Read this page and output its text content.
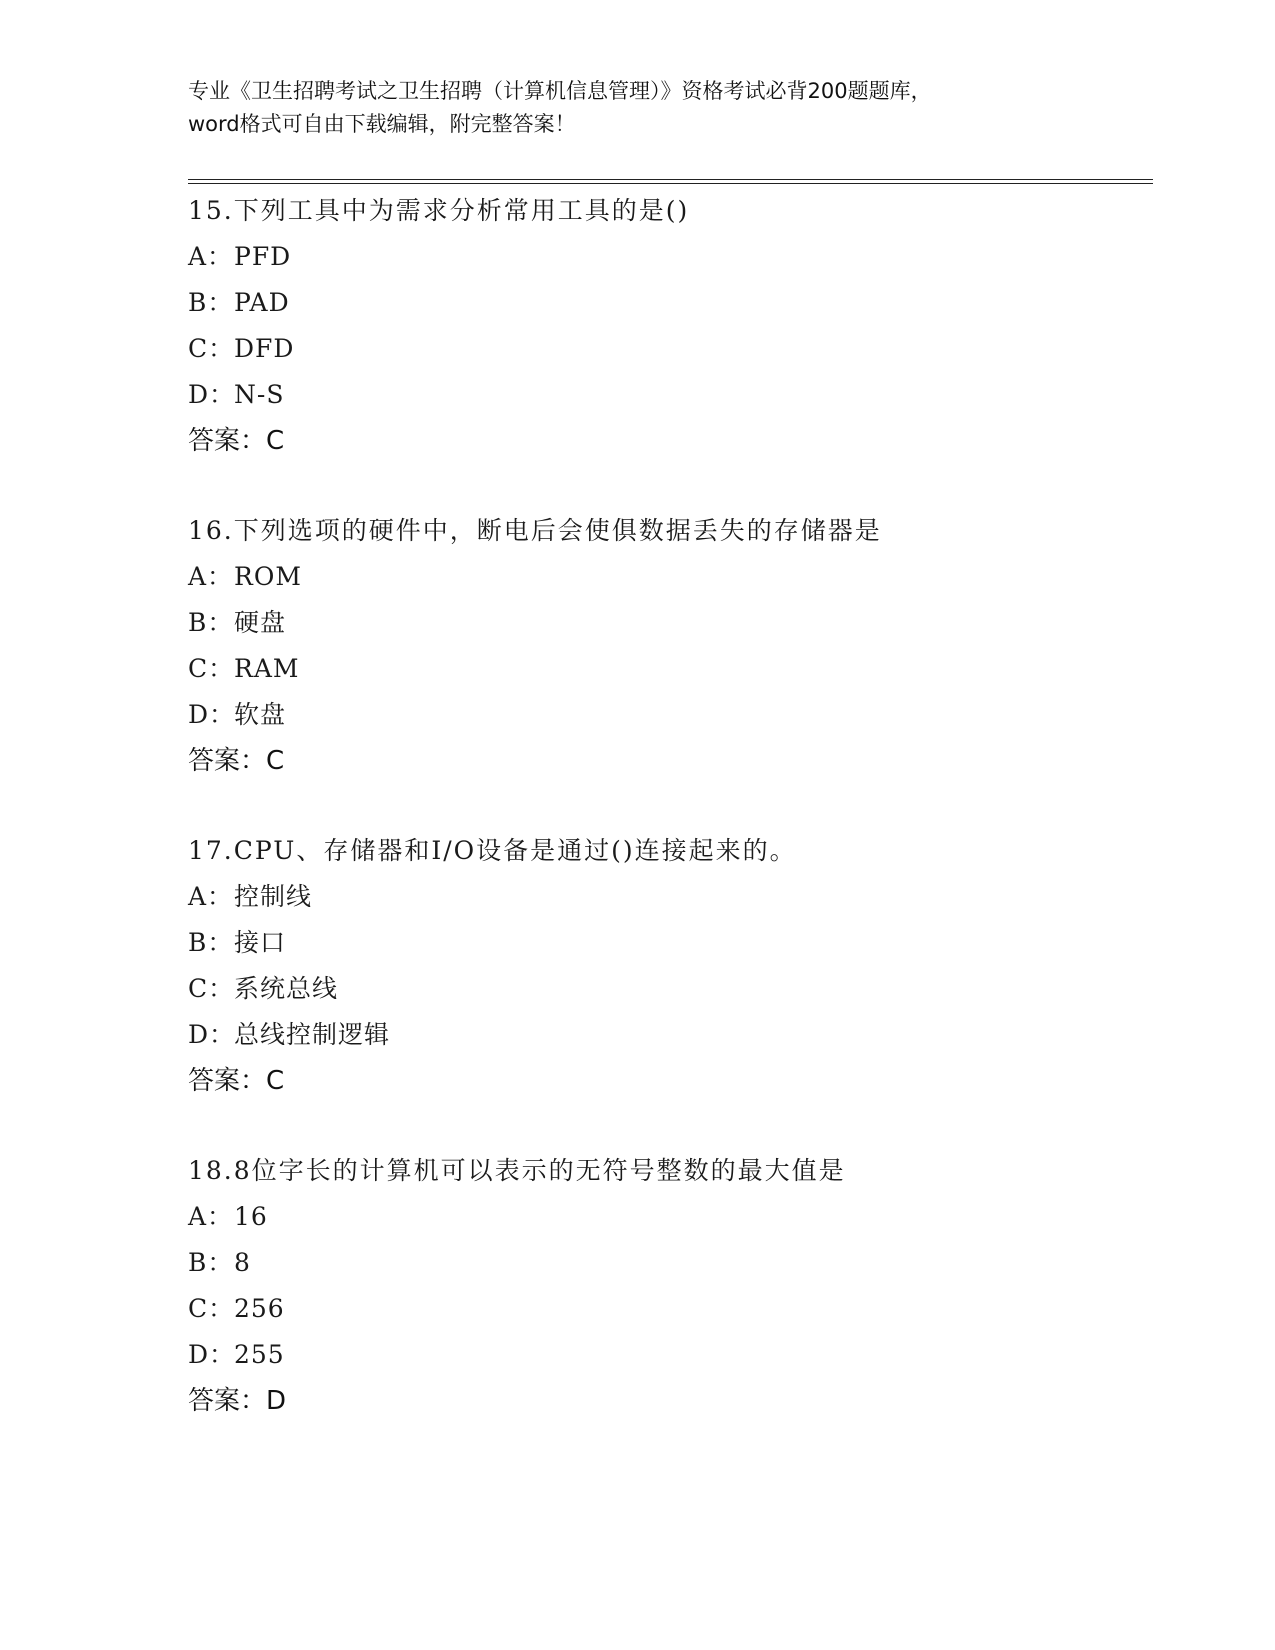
专业《卫生招聘考试之卫生招聘（计算机信息管理）》资格考试必背200题题库，
word格式可自由下载编辑，附完整答案！
15.下列工具中为需求分析常用工具的是()
A：PFD
B：PAD
C：DFD
D：N-S
答案：C
16.下列选项的硬件中，断电后会使俱数据丢失的存储器是
A：ROM
B：硬盘
C：RAM
D：软盘
答案：C
17.CPU、存储器和I/O设备是通过()连接起来的。
A：控制线
B：接口
C：系统总线
D：总线控制逻辑
答案：C
18.8位字长的计算机可以表示的无符号整数的最大值是
A：16
B：8
C：256
D：255
答案：D
